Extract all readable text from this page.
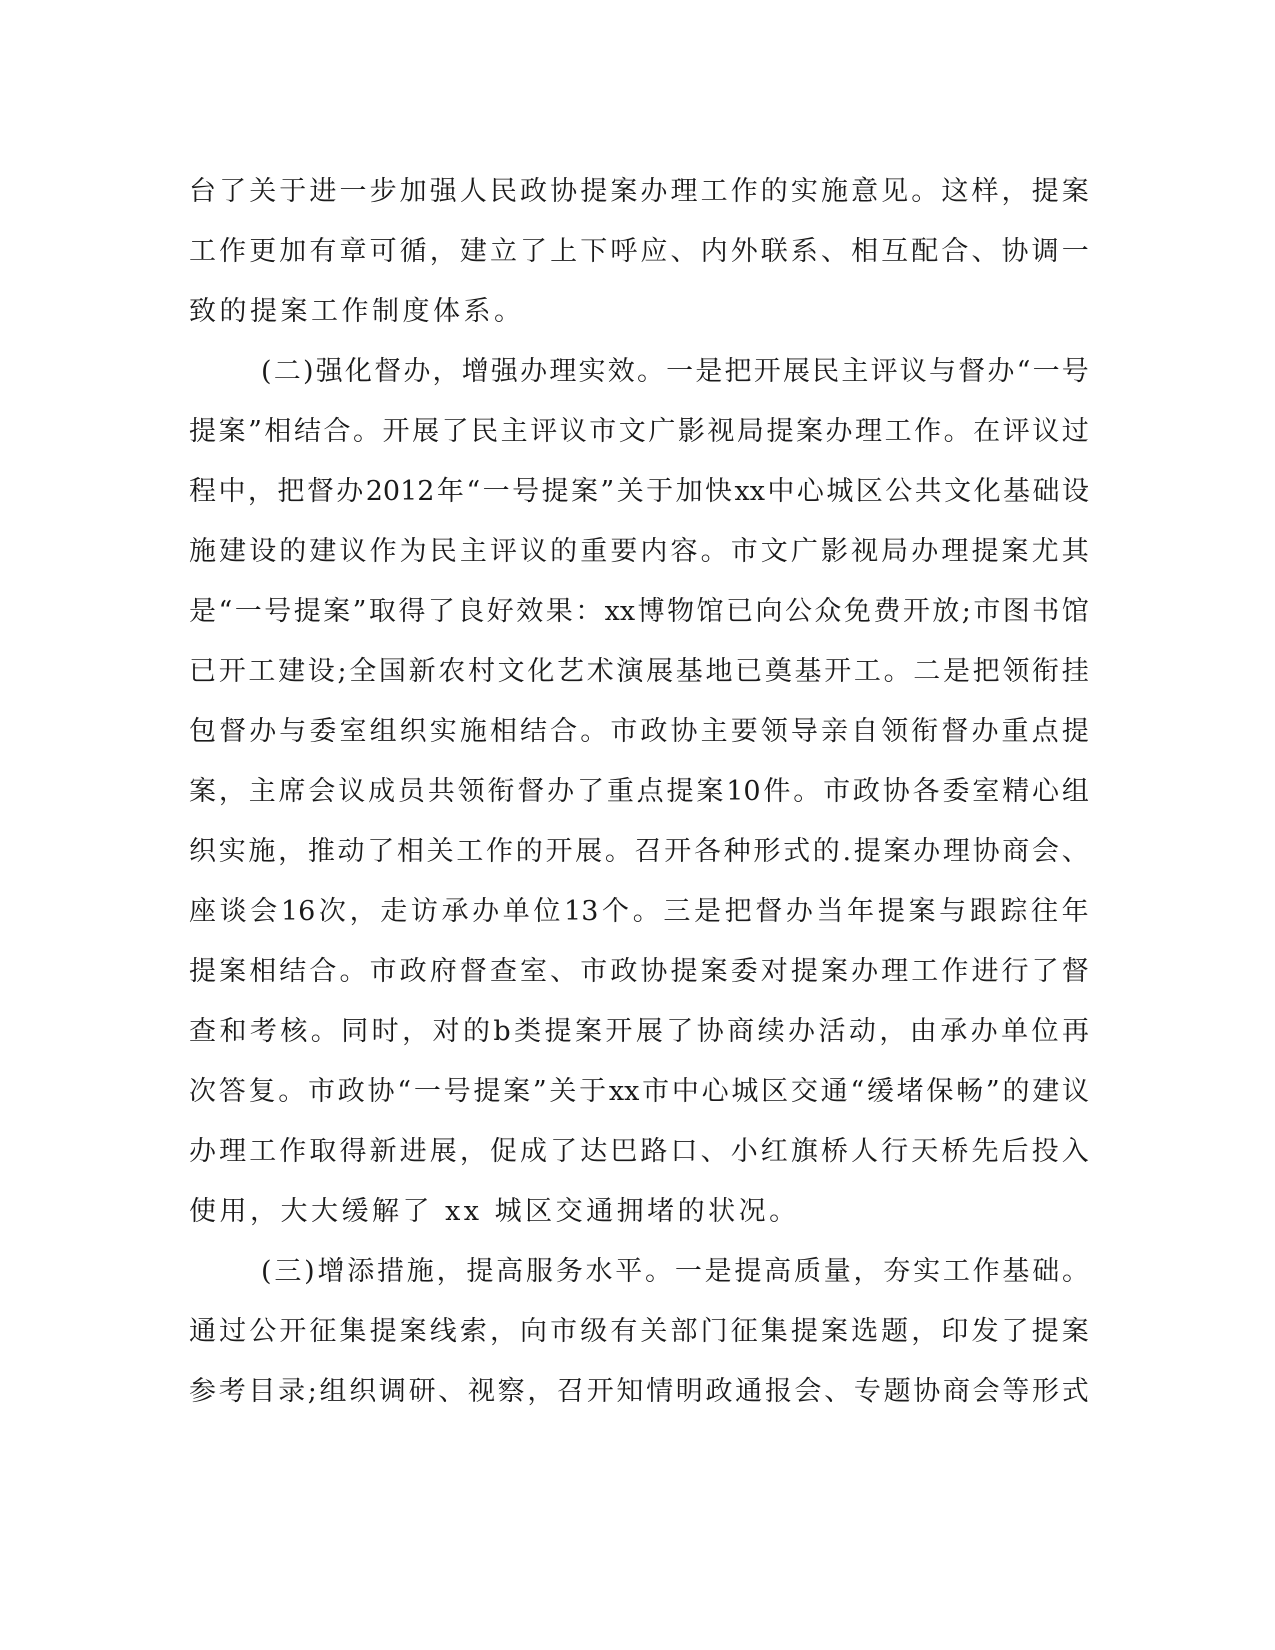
台 了 关 于 进 一 步 加 强 人 民 政 协 提 案 办 理 工 作 的 实 施 意 见 。 这 样 ， 提 案
工 作 更 加 有 章 可 循 ， 建 立 了 上 下 呼 应 、 内 外 联 系 、 相 互 配 合 、 协 调 一
致的提案工作制度体系。
( 二 ) 强 化 督 办 ， 增 强 办 理 实 效 。 一 是 把 开 展 民 主 评 议 与 督 办 “ 一 号
提 案 ” 相 结 合 。 开 展 了 民 主 评 议 市 文 广 影 视 局 提 案 办 理 工 作 。 在 评 议 过
程 中 ， 把 督 办 2012 年 “ 一 号 提 案 ” 关 于 加 快 xx 中 心 城 区 公 共 文 化 基 础 设
施 建 设 的 建 议 作 为 民 主 评 议 的 重 要 内 容 。 市 文 广 影 视 局 办 理 提 案 尤 其
是 “ 一 号 提 案 ” 取 得 了 良 好 效 果 ： xx 博 物 馆 已 向 公 众 免 费 开 放 ; 市 图 书 馆
已 开 工 建 设 ; 全 国 新 农 村 文 化 艺 术 演 展 基 地 已 奠 基 开 工 。 二 是 把 领 衔 挂
包 督 办 与 委 室 组 织 实 施 相 结 合 。 市 政 协 主 要 领 导 亲 自 领 衔 督 办 重 点 提
案 ， 主 席 会 议 成 员 共 领 衔 督 办 了 重 点 提 案 10 件 。 市 政 协 各 委 室 精 心 组
织 实 施 ， 推 动 了 相 关 工 作 的 开 展 。 召 开 各 种 形 式 的 . 提 案 办 理 协 商 会 、
座 谈 会 16 次 ， 走 访 承 办 单 位 13 个 。 三 是 把 督 办 当 年 提 案 与 跟 踪 往 年
提 案 相 结 合 。 市 政 府 督 查 室 、 市 政 协 提 案 委 对 提 案 办 理 工 作 进 行 了 督
查 和 考 核 。 同 时 ， 对 的 b 类 提 案 开 展 了 协 商 续 办 活 动 ， 由 承 办 单 位 再
次 答 复 。 市 政 协 “ 一 号 提 案 ” 关 于 xx 市 中 心 城 区 交 通 “ 缓 堵 保 畅 ” 的 建 议
办 理 工 作 取 得 新 进 展 ， 促 成 了 达 巴 路 口 、 小 红 旗 桥 人 行 天 桥 先 后 投 入
使用，大大缓解了 xx 城区交通拥堵的状况。
( 三 ) 增 添 措 施 ， 提 高 服 务 水 平 。 一 是 提 高 质 量 ， 夯 实 工 作 基 础 。
通 过 公 开 征 集 提 案 线 索 ， 向 市 级 有 关 部 门 征 集 提 案 选 题 ， 印 发 了 提 案
参 考 目 录 ; 组 织 调 研 、 视 察 ， 召 开 知 情 明 政 通 报 会 、 专 题 协 商 会 等 形 式
